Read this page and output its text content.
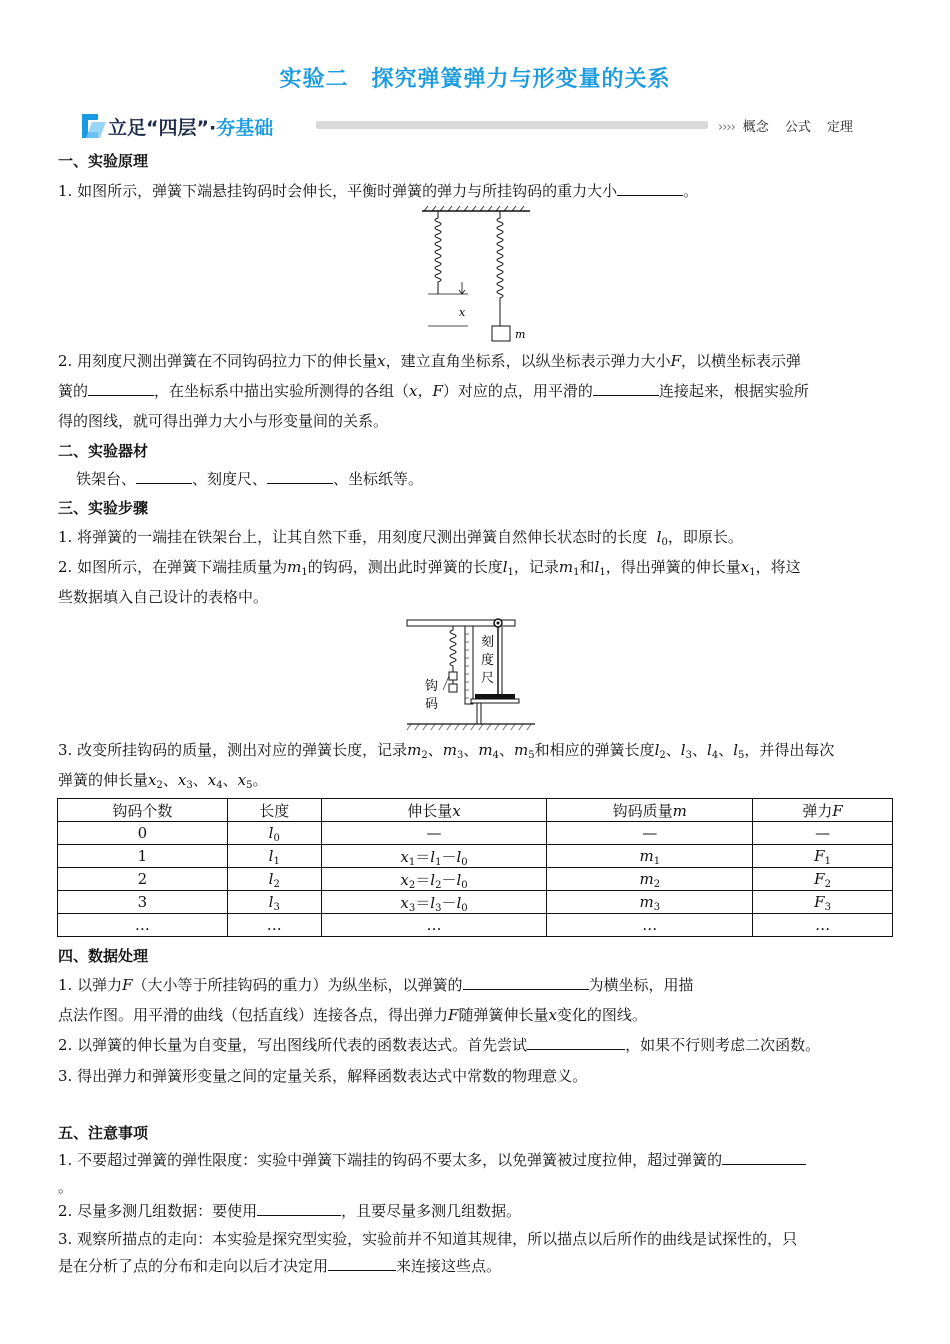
实验二　探究弹簧弹力与形变量的关系
立足“四层”·夯基础	›››› 概念 公式 定理
一、实验原理
1. 如图所示，弹簧下端悬挂钩码时会伸长，平衡时弹簧的弹力与所挂钩码的重力大小	。
x
m
2. 用刻度尺测出弹簧在不同钩码拉力下的伸长量x，建立直角坐标系，以纵坐标表示弹力大小F，以横坐标表示弹
簧的	，在坐标系中描出实验所测得的各组（x，F）对应的点，用平滑的	连接起来，根据实验所
得的图线，就可得出弹力大小与形变量间的关系。
二、实验器材
铁架台、	、刻度尺、	、坐标纸等。
三、实验步骤
1. 将弹簧的一端挂在铁架台上，让其自然下垂，用刻度尺测出弹簧自然伸长状态时的长度 $l_0$，即原长。
2. 如图所示，在弹簧下端挂质量为$m_1$的钩码，测出此时弹簧的长度$l_1$，记录$m_1$和$l_1$，得出弹簧的伸长量$x_1$，将这
些数据填入自己设计的表格中。
钩
码
刻
度
尺
3. 改变所挂钩码的质量，测出对应的弹簧长度，记录$m_2$、$m_3$、$m_4$、$m_5$和相应的弹簧长度$l_2$、$l_3$、$l_4$、$l_5$，并得出每次
弹簧的伸长量$x_2$、$x_3$、$x_4$、$x_5$。
钩码个数	长度	伸长量x	钩码质量m	弹力F
0	$l_0$	—	—	—
1	$l_1$	$x_1=l_1-l_0$	$m_1$	$F_1$
2	$l_2$	$x_2=l_2-l_0$	$m_2$	$F_2$
3	$l_3$	$x_3=l_3-l_0$	$m_3$	$F_3$
…	…	…	…	…
四、数据处理
1. 以弹力F（大小等于所挂钩码的重力）为纵坐标，以弹簧的	为横坐标，用描
点法作图。用平滑的曲线（包括直线）连接各点，得出弹力F随弹簧伸长量x变化的图线。
2. 以弹簧的伸长量为自变量，写出图线所代表的函数表达式。首先尝试	，如果不行则考虑二次函数。
3. 得出弹力和弹簧形变量之间的定量关系，解释函数表达式中常数的物理意义。
五、注意事项
1. 不要超过弹簧的弹性限度：实验中弹簧下端挂的钩码不要太多，以免弹簧被过度拉伸，超过弹簧的
。
2. 尽量多测几组数据：要使用	，且要尽量多测几组数据。
3. 观察所描点的走向：本实验是探究型实验，实验前并不知道其规律，所以描点以后所作的曲线是试探性的，只
是在分析了点的分布和走向以后才决定用	来连接这些点。
